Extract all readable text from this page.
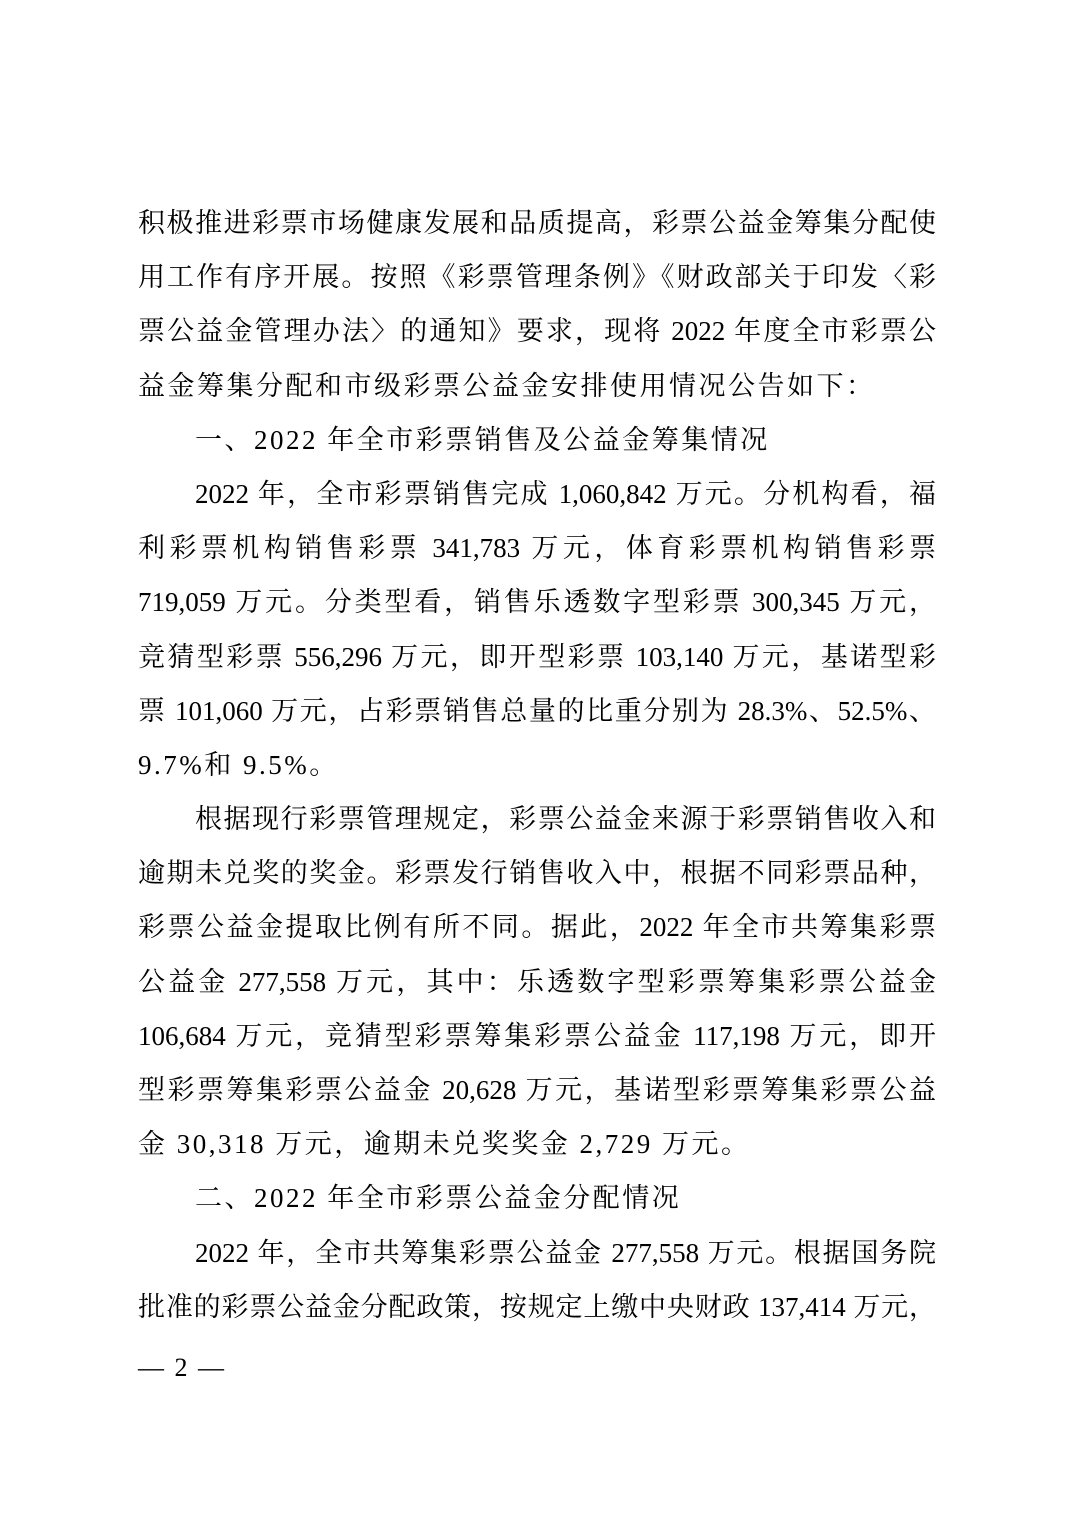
积极推进彩票市场健康发展和品质提高，彩票公益金筹集分配使
用工作有序开展。按照《彩票管理条例》《财政部关于印发〈彩
票公益金管理办法〉的通知》要求，现将 2022 年度全市彩票公
益金筹集分配和市级彩票公益金安排使用情况公告如下：
一、2022 年全市彩票销售及公益金筹集情况
2022 年，全市彩票销售完成 1,060,842 万元。分机构看，福
利彩票机构销售彩票 341,783 万元，体育彩票机构销售彩票
719,059 万元。分类型看，销售乐透数字型彩票 300,345 万元，
竞猜型彩票 556,296 万元，即开型彩票 103,140 万元，基诺型彩
票 101,060 万元，占彩票销售总量的比重分别为 28.3%、52.5%、
9.7%和 9.5%。
根据现行彩票管理规定，彩票公益金来源于彩票销售收入和
逾期未兑奖的奖金。彩票发行销售收入中，根据不同彩票品种，
彩票公益金提取比例有所不同。据此，2022 年全市共筹集彩票
公益金 277,558 万元，其中：乐透数字型彩票筹集彩票公益金
106,684 万元，竞猜型彩票筹集彩票公益金 117,198 万元，即开
型彩票筹集彩票公益金 20,628 万元，基诺型彩票筹集彩票公益
金 30,318 万元，逾期未兑奖奖金 2,729 万元。
二、2022 年全市彩票公益金分配情况
2022 年，全市共筹集彩票公益金 277,558 万元。根据国务院
批准的彩票公益金分配政策，按规定上缴中央财政 137,414 万元，
— 2 —
